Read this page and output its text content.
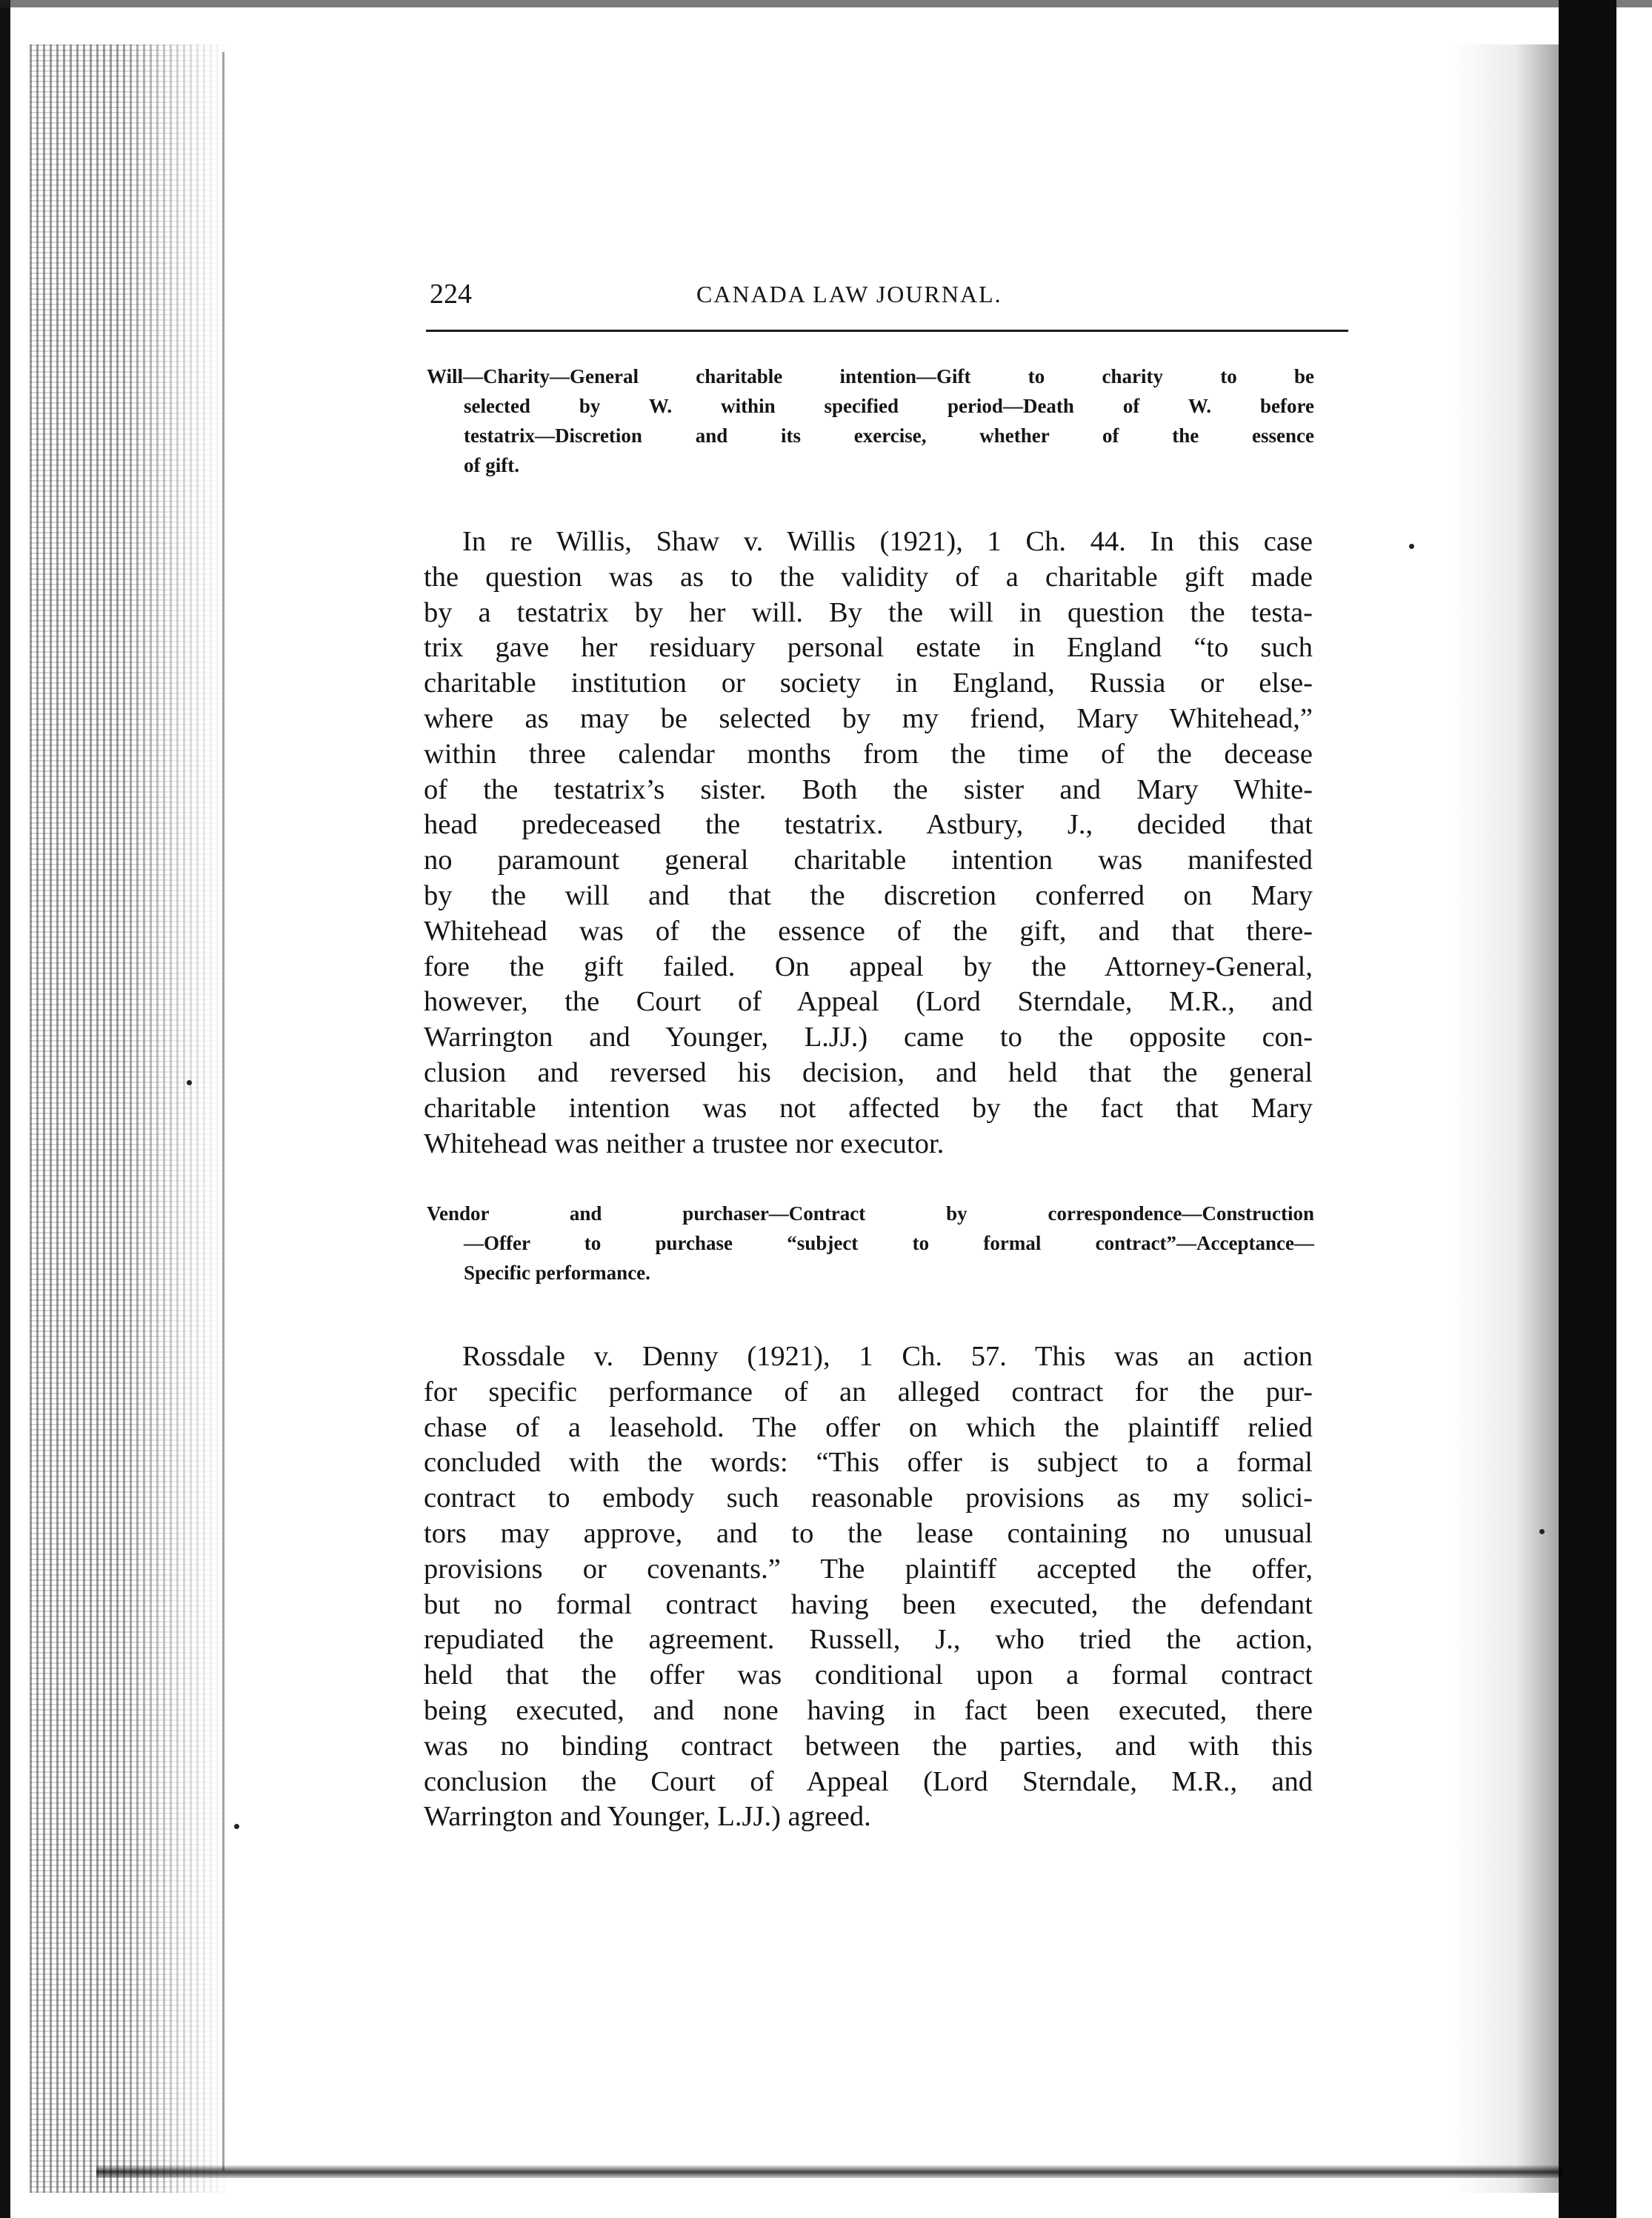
224	CANADA LAW JOURNAL.

Will—Charity—General charitable intention—Gift to charity to be
selected by W. within specified period—Death of W. before
testatrix—Discretion and its exercise, whether of the essence
of gift.

In re Willis, Shaw v. Willis (1921), 1 Ch. 44. In this case
the question was as to the validity of a charitable gift made
by a testatrix by her will. By the will in question the testa-
trix gave her residuary personal estate in England “to such
charitable institution or society in England, Russia or else-
where as may be selected by my friend, Mary Whitehead,”
within three calendar months from the time of the decease
of the testatrix’s sister. Both the sister and Mary White-
head predeceased the testatrix. Astbury, J., decided that
no paramount general charitable intention was manifested
by the will and that the discretion conferred on Mary
Whitehead was of the essence of the gift, and that there-
fore the gift failed. On appeal by the Attorney-General,
however, the Court of Appeal (Lord Sterndale, M.R., and
Warrington and Younger, L.JJ.) came to the opposite con-
clusion and reversed his decision, and held that the general
charitable intention was not affected by the fact that Mary
Whitehead was neither a trustee nor executor.

Vendor and purchaser—Contract by correspondence—Construction
—Offer to purchase “subject to formal contract”—Acceptance—
Specific performance.

Rossdale v. Denny (1921), 1 Ch. 57. This was an action
for specific performance of an alleged contract for the pur-
chase of a leasehold. The offer on which the plaintiff relied
concluded with the words: “This offer is subject to a formal
contract to embody such reasonable provisions as my solici-
tors may approve, and to the lease containing no unusual
provisions or covenants.” The plaintiff accepted the offer,
but no formal contract having been executed, the defendant
repudiated the agreement. Russell, J., who tried the action,
held that the offer was conditional upon a formal contract
being executed, and none having in fact been executed, there
was no binding contract between the parties, and with this
conclusion the Court of Appeal (Lord Sterndale, M.R., and
Warrington and Younger, L.JJ.) agreed.
